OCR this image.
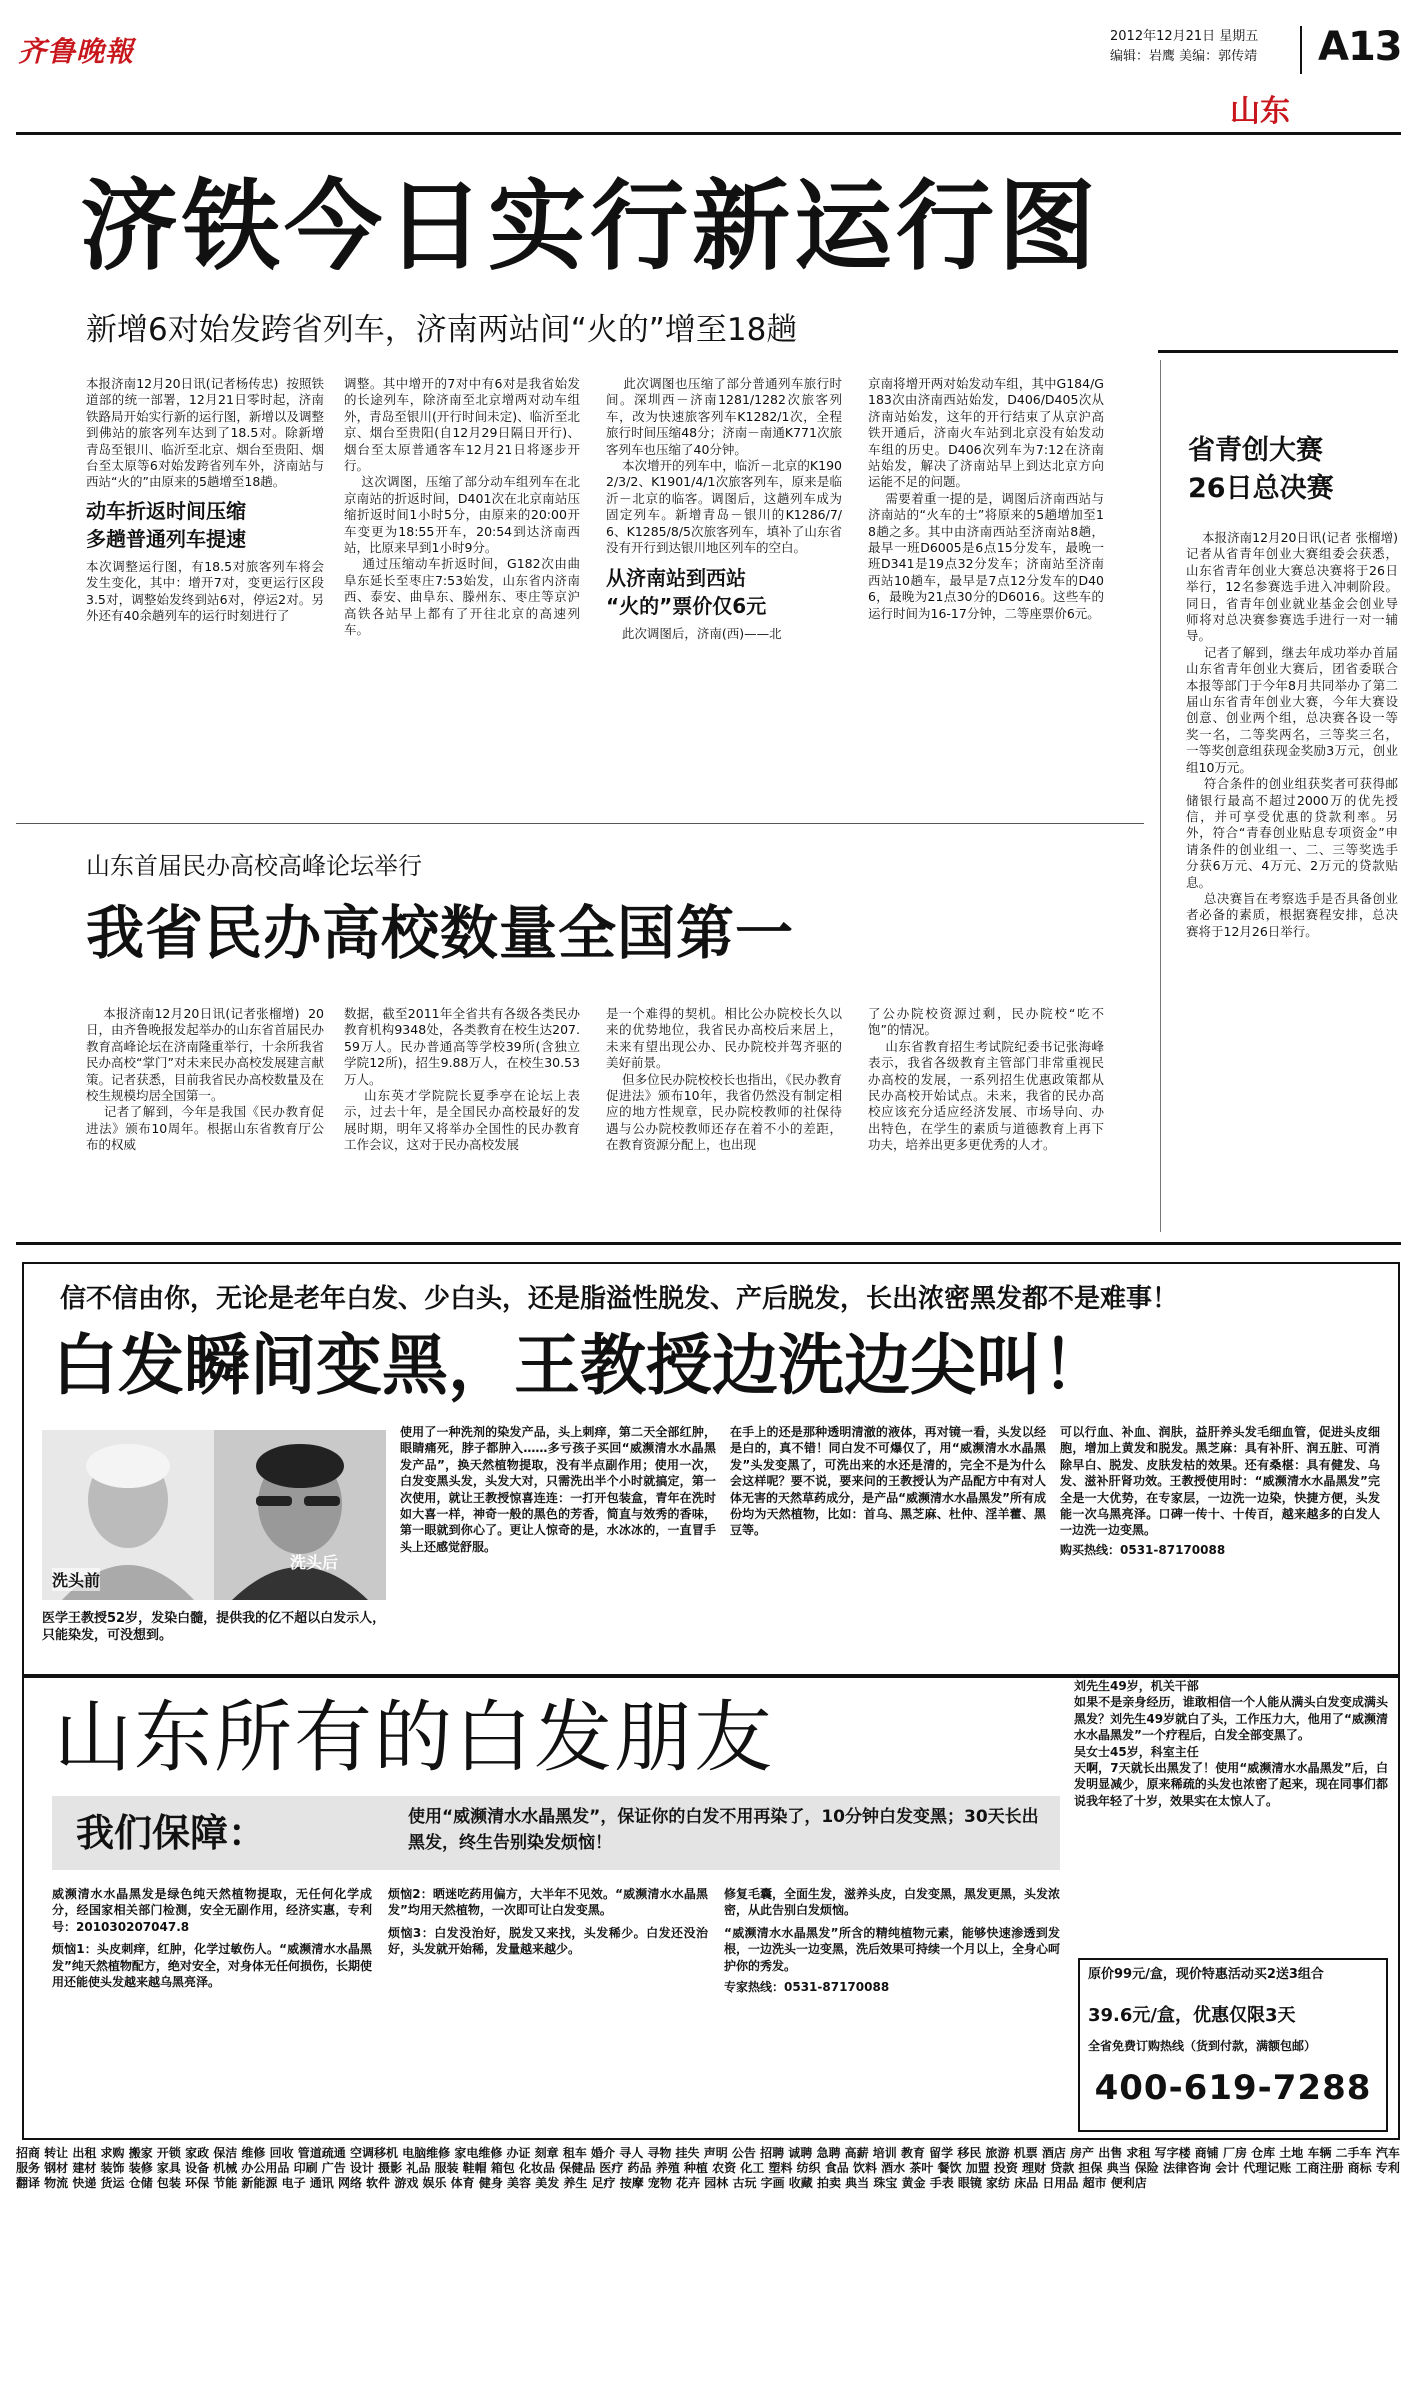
齐鲁晚報	2012年12月21日 星期五
编辑：岩鹰 美编：郭传靖 A13
山东
济铁今日实行新运行图
新增6对始发跨省列车，济南两站间“火的”增至18趟
本报济南12月20日讯(记者杨传忠)  按照铁道部的统一部署，12月21日零时起，济南铁路局开始实行新的运行图，新增以及调整到佛站的旅客列车达到了18.5对。除新增青岛至银川、临沂至北京、烟台至贵阳、烟台至太原等6对始发跨省列车外，济南站与西站“火的”由原来的5趟增至18趟。
动车折返时间压缩
多趟普通列车提速
本次调整运行图，有18.5对旅客列车将会发生变化，其中：增开7对，变更运行区段3.5对，调整始发终到站6对，停运2对。另外还有40余趟列车的运行时刻进行了
调整。其中增开的7对中有6对是我省始发的长途列车，除济南至北京增两对动车组外，青岛至银川(开行时间未定)、临沂至北京、烟台至贵阳(自12月29日隔日开行)、烟台至太原普通客车12月21日将逐步开行。
这次调图，压缩了部分动车组列车在北京南站的折返时间，D401次在北京南站压缩折返时间1小时5分，由原来的20:00开车变更为18:55开车，20:54到达济南西站，比原来早到1小时9分。
通过压缩动车折返时间，G182次由曲阜东延长至枣庄7:53始发，山东省内济南西、泰安、曲阜东、滕州东、枣庄等京沪高铁各站早上都有了开往北京的高速列车。
此次调图也压缩了部分普通列车旅行时间。深圳西－济南1281/1282次旅客列车，改为快速旅客列车K1282/1次，全程旅行时间压缩48分；济南－南通K771次旅客列车也压缩了40分钟。
本次增开的列车中，临沂－北京的K1902/3/2、K1901/4/1次旅客列车，原来是临沂－北京的临客。调图后，这趟列车成为固定列车。新增青岛－银川的K1286/7/6、K1285/8/5次旅客列车，填补了山东省没有开行到达银川地区列车的空白。
从济南站到西站
“火的”票价仅6元
此次调图后，济南(西)——北
京南将增开两对始发动车组，其中G184/G183次由济南西站始发，D406/D405次从济南站始发，这年的开行结束了从京沪高铁开通后，济南火车站到北京没有始发动车组的历史。D406次列车为7:12在济南站始发，解决了济南站早上到达北京方向运能不足的问题。
需要着重一提的是，调图后济南西站与济南站的“火车的士”将原来的5趟增加至18趟之多。其中由济南西站至济南站8趟，最早一班D6005是6点15分发车，最晚一班D341是19点32分发车；济南站至济南西站10趟车，最早是7点12分发车的D406，最晚为21点30分的D6016。这些车的运行时间为16-17分钟，二等座票价6元。
省青创大赛
26日总决赛
本报济南12月20日讯(记者 张榴增)  记者从省青年创业大赛组委会获悉，山东省青年创业大赛总决赛将于26日举行，12名参赛选手进入冲刺阶段。同日，省青年创业就业基金会创业导师将对总决赛参赛选手进行一对一辅导。
记者了解到，继去年成功举办首届山东省青年创业大赛后，团省委联合本报等部门于今年8月共同举办了第二届山东省青年创业大赛，今年大赛设创意、创业两个组，总决赛各设一等奖一名，二等奖两名，三等奖三名，一等奖创意组获现金奖励3万元，创业组10万元。
符合条件的创业组获奖者可获得邮储银行最高不超过2000万的优先授信，并可享受优惠的贷款利率。另外，符合“青春创业贴息专项资金”申请条件的创业组一、二、三等奖选手分获6万元、4万元、2万元的贷款贴息。
总决赛旨在考察选手是否具备创业者必备的素质，根据赛程安排，总决赛将于12月26日举行。
山东首届民办高校高峰论坛举行
我省民办高校数量全国第一
本报济南12月20日讯(记者张榴增)  20日，由齐鲁晚报发起举办的山东省首届民办教育高峰论坛在济南隆重举行，十余所我省民办高校“掌门”对未来民办高校发展建言献策。记者获悉，目前我省民办高校数量及在校生规模均居全国第一。
记者了解到，今年是我国《民办教育促进法》颁布10周年。根据山东省教育厅公布的权威
数据，截至2011年全省共有各级各类民办教育机构9348处，各类教育在校生达207.59万人。民办普通高等学校39所(含独立学院12所)，招生9.88万人，在校生30.53万人。
山东英才学院院长夏季亭在论坛上表示，过去十年，是全国民办高校最好的发展时期，明年又将举办全国性的民办教育工作会议，这对于民办高校发展
是一个难得的契机。相比公办院校长久以来的优势地位，我省民办高校后来居上，未来有望出现公办、民办院校并驾齐驱的美好前景。
但多位民办院校校长也指出，《民办教育促进法》颁布10年，我省仍然没有制定相应的地方性规章，民办院校教师的社保待遇与公办院校教师还存在着不小的差距，在教育资源分配上，也出现
了公办院校资源过剩，民办院校“吃不饱”的情况。
山东省教育招生考试院纪委书记张海峰表示，我省各级教育主管部门非常重视民办高校的发展，一系列招生优惠政策都从民办高校开始试点。未来，我省的民办高校应该充分适应经济发展、市场导向、办出特色，在学生的素质与道德教育上再下功夫，培养出更多更优秀的人才。
信不信由你，无论是老年白发、少白头，还是脂溢性脱发、产后脱发，长出浓密黑发都不是难事！
白发瞬间变黑，王教授边洗边尖叫！
洗头前
洗头后
医学王教授52岁，发染白髓，提供我的亿不超以白发示人，只能染发，可没想到。
使用了一种洗剂的染发产品，头上刺痒，第二天全部红肿，眼睛痛死，脖子都肿入……多亏孩子买回“威濒清水水晶黑发产品”，换天然植物提取，没有半点副作用；使用一次，白发变黑头发，头发大对，只需洗出半个小时就搞定，第一次使用，就让王教授惊喜连连：一打开包装盒，青年在洗时如大喜一样，神奇一般的黑色的芳香，简直与效秀的香味，第一眼就到你心了。更让人惊奇的是，水冰冰的，一直冒手头上还感觉舒服。
在手上的还是那种透明清澈的液体，再对镜一看，头发以经是白的，真不错！同白发不可爆仅了，用“威濒清水水晶黑发”头发变黑了，可洗出来的水还是清的，完全不是为什么会这样呢？要不说，要来问的王教授认为产品配方中有对人体无害的天然草药成分，是产品“威濒清水水晶黑发”所有成份均为天然植物，比如：首乌、黑芝麻、杜仲、淫羊藿、黑豆等。
可以行血、补血、润肤，益肝养头发毛细血管，促进头皮细胞，增加上黄发和脱发。黑芝麻：具有补肝、润五脏、可消除早白、脱发、皮肤发枯的效果。还有桑椹：具有健发、乌发、滋补肝肾功效。王教授使用时：“威濒清水水晶黑发”完全是一大优势，在专家层，一边洗一边染，快捷方便，头发能一次乌黑亮泽。口碑一传十、十传百，越来越多的白发人一边洗一边变黑。
购买热线：0531-87170088
山东所有的白发朋友
我们保障：	使用“威濒清水水晶黑发”，保证你的白发不用再染了，10分钟白发变黑；30天长出黑发，终生告别染发烦恼！
威濒清水水晶黑发是绿色纯天然植物提取，无任何化学成分，经国家相关部门检测，安全无副作用，经济实惠，专利号：201030207047.8
烦恼1：头皮刺痒，红肿，化学过敏伤人。“威濒清水水晶黑发”纯天然植物配方，绝对安全，对身体无任何损伤，长期使用还能使头发越来越乌黑亮泽。
烦恼2：晒迷吃药用偏方，大半年不见效。“威濒清水水晶黑发”均用天然植物，一次即可让白发变黑。
烦恼3：白发没治好，脱发又来找，头发稀少。白发还没治好，头发就开始稀，发量越来越少。
修复毛囊，全面生发，滋养头皮，白发变黑，黑发更黑，头发浓密，从此告别白发烦恼。
“威濒清水水晶黑发”所含的精纯植物元素，能够快速渗透到发根，一边洗头一边变黑，洗后效果可持续一个月以上，全身心呵护你的秀发。
专家热线：0531-87170088
刘先生49岁，机关干部
如果不是亲身经历，谁敢相信一个人能从满头白发变成满头黑发？刘先生49岁就白了头，工作压力大，他用了“威濒清水水晶黑发”一个疗程后，白发全部变黑了。
吴女士45岁，科室主任
天啊，7天就长出黑发了！使用“威濒清水水晶黑发”后，白发明显减少，原来稀疏的头发也浓密了起来，现在同事们都说我年轻了十岁，效果实在太惊人了。
原价99元/盒，现价特惠活动买2送3组合
39.6元/盒，优惠仅限3天
全省免费订购热线（货到付款，满额包邮）
400-619-7288
招商 转让 出租 求购 搬家 开锁 家政 保洁 维修 回收 管道疏通 空调移机 电脑维修 家电维修 办证 刻章 租车 婚介 寻人 寻物 挂失 声明 公告 招聘 诚聘 急聘 高薪 培训 教育 留学 移民 旅游 机票 酒店 房产 出售 求租 写字楼 商铺 厂房 仓库 土地 车辆 二手车 汽车服务 钢材 建材 装饰 装修 家具 设备 机械 办公用品 印刷 广告 设计 摄影 礼品 服装 鞋帽 箱包 化妆品 保健品 医疗 药品 养殖 种植 农资 化工 塑料 纺织 食品 饮料 酒水 茶叶 餐饮 加盟 投资 理财 贷款 担保 典当 保险 法律咨询 会计 代理记账 工商注册 商标 专利 翻译 物流 快递 货运 仓储 包装 环保 节能 新能源 电子 通讯 网络 软件 游戏 娱乐 体育 健身 美容 美发 养生 足疗 按摩 宠物 花卉 园林 古玩 字画 收藏 拍卖 典当 珠宝 黄金 手表 眼镜 家纺 床品 日用品 超市 便利店
